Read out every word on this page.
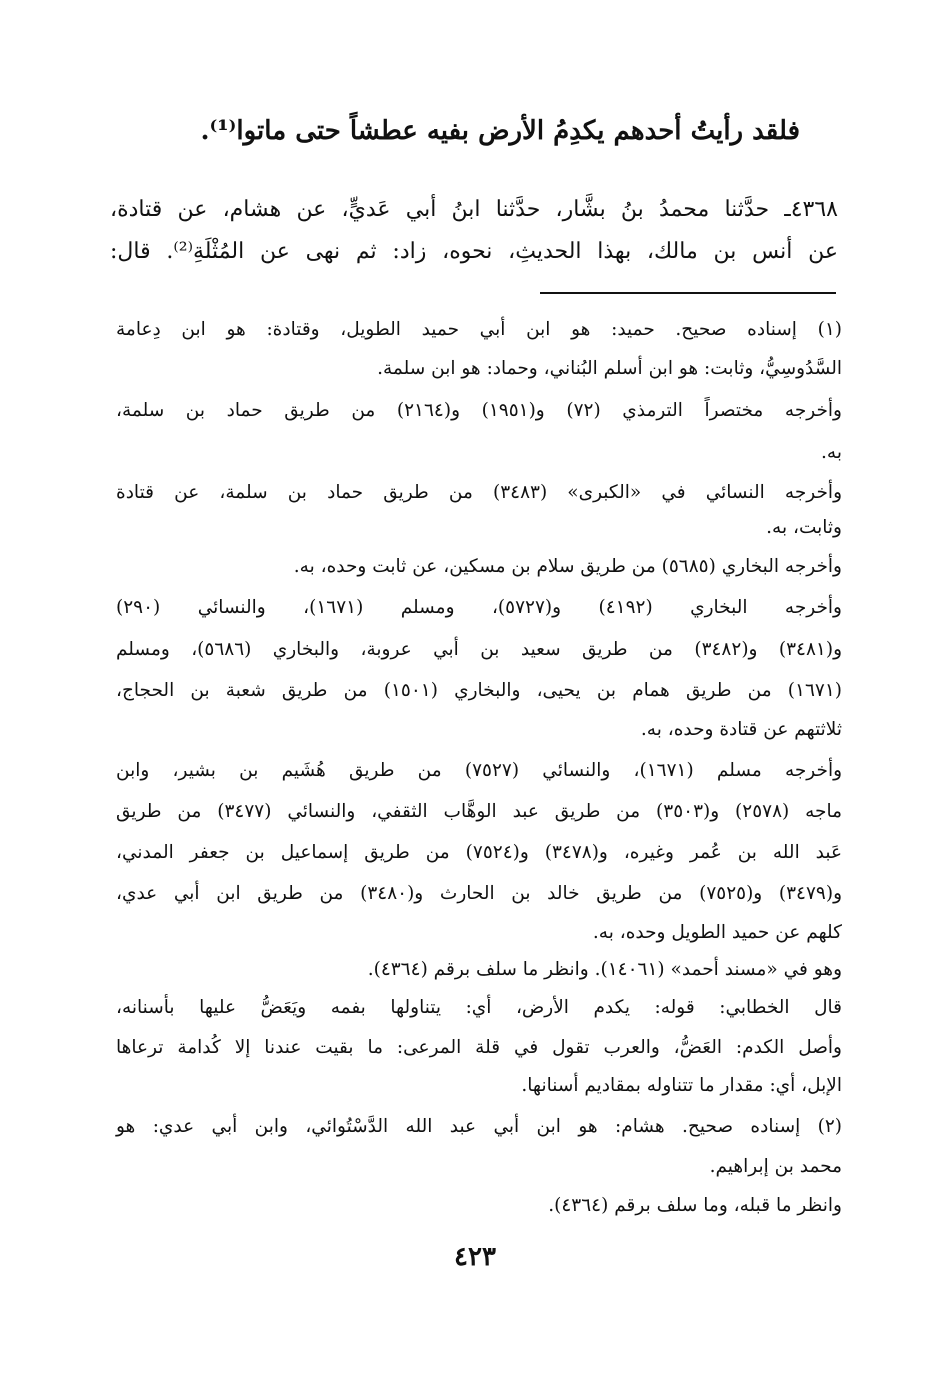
فلقد رأيتُ أحدهم يكدِمُ الأرض بفيه عطشاً حتى ماتوا⁽¹⁾.
٤٣٦٨ـ حدَّثنا محمدُ بنُ بشَّار، حدَّثنا ابنُ أبي عَديٍّ، عن هشام، عن قتادة،
عن أنس بن مالك، بهذا الحديثِ، نحوه، زاد: ثم نهى عن المُثْلَةِ⁽²⁾. قال:
(١) إسناده صحيح. حميد: هو ابن أبي حميد الطويل، وقتادة: هو ابن دِعامة
السَّدُوسِيُّ، وثابت: هو ابن أسلم البُناني، وحماد: هو ابن سلمة.
وأخرجه مختصراً الترمذي (٧٢) و(١٩٥١) و(٢١٦٤) من طريق حماد بن سلمة،
به.
وأخرجه النسائي في «الكبرى» (٣٤٨٣) من طريق حماد بن سلمة، عن قتادة
وثابت، به.
وأخرجه البخاري (٥٦٨٥) من طريق سلام بن مسكين، عن ثابت وحده، به.
وأخرجه البخاري (٤١٩٢) و(٥٧٢٧)، ومسلم (١٦٧١)، والنسائي (٢٩٠)
و(٣٤٨١) و(٣٤٨٢) من طريق سعيد بن أبي عروبة، والبخاري (٥٦٨٦)، ومسلم
(١٦٧١) من طريق همام بن يحيى، والبخاري (١٥٠١) من طريق شعبة بن الحجاج،
ثلاثتهم عن قتادة وحده، به.
وأخرجه مسلم (١٦٧١)، والنسائي (٧٥٢٧) من طريق هُشَيم بن بشير، وابن
ماجه (٢٥٧٨) و(٣٥٠٣) من طريق عبد الوهَّاب الثقفي، والنسائي (٣٤٧٧) من طريق
عَبد الله بن عُمر وغيره، و(٣٤٧٨) و(٧٥٢٤) من طريق إسماعيل بن جعفر المدني،
و(٣٤٧٩) و(٧٥٢٥) من طريق خالد بن الحارث و(٣٤٨٠) من طريق ابن أبي عدي،
كلهم عن حميد الطويل وحده، به.
وهو في «مسند أحمد» (١٤٠٦١). وانظر ما سلف برقم (٤٣٦٤).
قال الخطابي: قوله: يكدم الأرض، أي: يتناولها بفمه ويَعَضُّ عليها بأسنانه،
وأصل الكدم: العَضُّ، والعرب تقول في قلة المرعى: ما بقيت عندنا إلا كُدامة ترعاها
الإبل، أي: مقدار ما تتناوله بمقاديم أسنانها.
(٢) إسناده صحيح. هشام: هو ابن أبي عبد الله الدَّسْتُوائي، وابن أبي عدي: هو
محمد بن إبراهيم.
وانظر ما قبله، وما سلف برقم (٤٣٦٤).
٤٢٣
